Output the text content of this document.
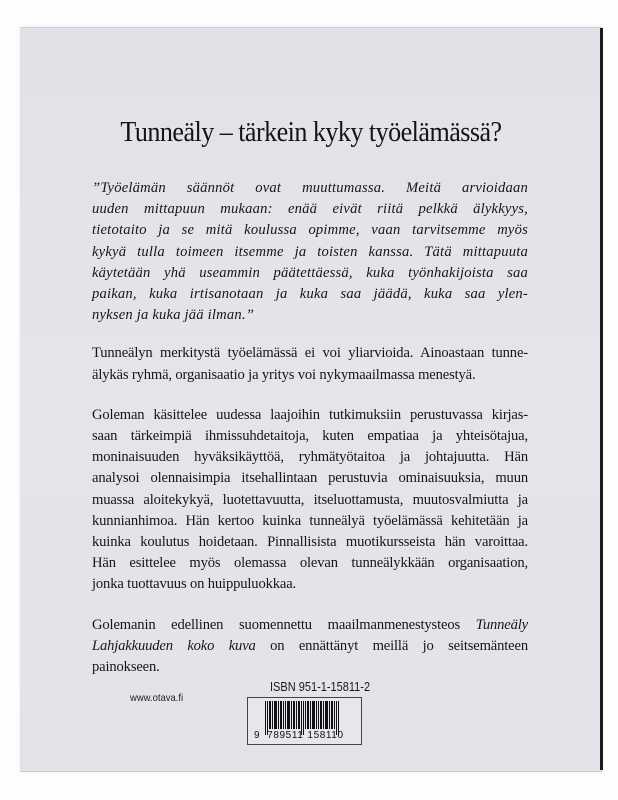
Tunneäly – tärkein kyky työelämässä?
”Työelämän säännöt ovat muuttumassa. Meitä arvioidaan
uuden mittapuun mukaan: enää eivät riitä pelkkä älykkyys,
tietotaito ja se mitä koulussa opimme, vaan tarvitsemme myös
kykyä tulla toimeen itsemme ja toisten kanssa. Tätä mittapuuta
käytetään yhä useammin päätettäessä, kuka työnhakijoista saa
paikan, kuka irtisanotaan ja kuka saa jäädä, kuka saa ylen-
nyksen ja kuka jää ilman.”
Tunneälyn merkitystä työelämässä ei voi yliarvioida. Ainoastaan tunne-
älykäs ryhmä, organisaatio ja yritys voi nykymaailmassa menestyä.
Goleman käsittelee uudessa laajoihin tutkimuksiin perustuvassa kirjas-
saan tärkeimpiä ihmissuhdetaitoja, kuten empatiaa ja yhteisötajua,
moninaisuuden hyväksikäyttöä, ryhmätyötaitoa ja johtajuutta. Hän
analysoi olennaisimpia itsehallintaan perustuvia ominaisuuksia, muun
muassa aloitekykyä, luotettavuutta, itseluottamusta, muutosvalmiutta ja
kunnianhimoa. Hän kertoo kuinka tunneälyä työelämässä kehitetään ja
kuinka koulutus hoidetaan. Pinnallisista muotikursseista hän varoittaa.
Hän esittelee myös olemassa olevan tunneälykkään organisaation,
jonka tuottavuus on huippuluokkaa.
Golemanin edellinen suomennettu maailmanmenestysteos Tunneäly
Lahjakkuuden koko kuva on ennättänyt meillä jo seitsemänteen
painokseen.
www.otava.fi
ISBN 951-1-15811-2
9 789511 158110
